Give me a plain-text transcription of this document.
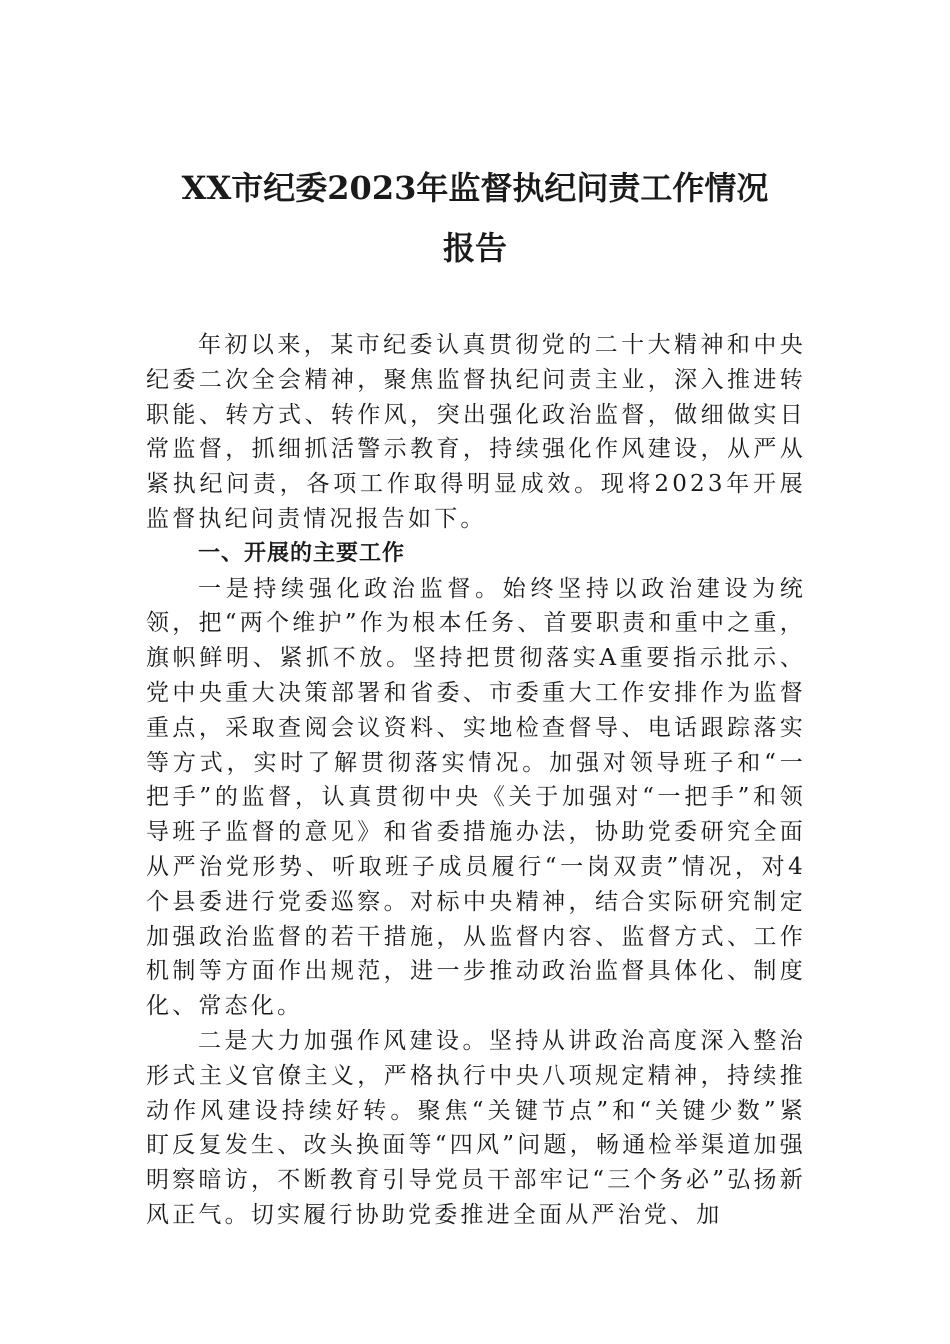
XX市纪委2023年监督执纪问责工作情况

报告

年初以来，某市纪委认真贯彻党的二十大精神和中央纪委二次全会精神，聚焦监督执纪问责主业，深入推进转职能、转方式、转作风，突出强化政治监督，做细做实日常监督，抓细抓活警示教育，持续强化作风建设，从严从紧执纪问责，各项工作取得明显成效。现将2023年开展监督执纪问责情况报告如下。

一、开展的主要工作

一是持续强化政治监督。始终坚持以政治建设为统领，把“两个维护”作为根本任务、首要职责和重中之重，旗帜鲜明、紧抓不放。坚持把贯彻落实A重要指示批示、党中央重大决策部署和省委、市委重大工作安排作为监督重点，采取查阅会议资料、实地检查督导、电话跟踪落实等方式，实时了解贯彻落实情况。加强对领导班子和“一把手”的监督，认真贯彻中央《关于加强对“一把手”和领导班子监督的意见》和省委措施办法，协助党委研究全面从严治党形势、听取班子成员履行“一岗双责”情况，对4个县委进行党委巡察。对标中央精神，结合实际研究制定加强政治监督的若干措施，从监督内容、监督方式、工作机制等方面作出规范，进一步推动政治监督具体化、制度化、常态化。

二是大力加强作风建设。坚持从讲政治高度深入整治形式主义官僚主义，严格执行中央八项规定精神，持续推动作风建设持续好转。聚焦“关键节点”和“关键少数”紧盯反复发生、改头换面等“四风”问题，畅通检举渠道加强明察暗访，不断教育引导党员干部牢记“三个务必”弘扬新风正气。切实履行协助党委推进全面从严治党、加
